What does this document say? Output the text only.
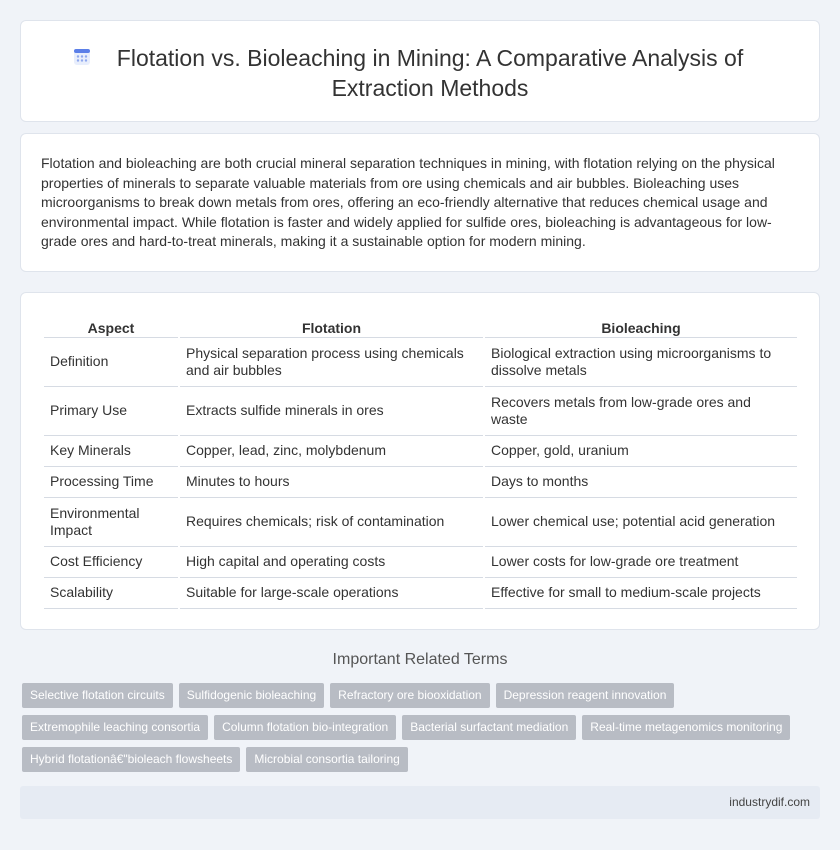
Flotation vs. Bioleaching in Mining: A Comparative Analysis of Extraction Methods

Flotation and bioleaching are both crucial mineral separation techniques in mining, with flotation relying on the physical properties of minerals to separate valuable materials from ore using chemicals and air bubbles. Bioleaching uses microorganisms to break down metals from ores, offering an eco-friendly alternative that reduces chemical usage and environmental impact. While flotation is faster and widely applied for sulfide ores, bioleaching is advantageous for low-grade ores and hard-to-treat minerals, making it a sustainable option for modern mining.

Aspect	Flotation	Bioleaching
Definition	Physical separation process using chemicals and air bubbles	Biological extraction using microorganisms to dissolve metals
Primary Use	Extracts sulfide minerals in ores	Recovers metals from low-grade ores and waste
Key Minerals	Copper, lead, zinc, molybdenum	Copper, gold, uranium
Processing Time	Minutes to hours	Days to months
Environmental Impact	Requires chemicals; risk of contamination	Lower chemical use; potential acid generation
Cost Efficiency	High capital and operating costs	Lower costs for low-grade ore treatment
Scalability	Suitable for large-scale operations	Effective for small to medium-scale projects
Important Related Terms
Selective flotation circuits	Sulfidogenic bioleaching	Refractory ore biooxidation	Depression reagent innovation
Extremophile leaching consortia	Column flotation bio-integration	Bacterial surfactant mediation	Real-time metagenomics monitoring
Hybrid flotationâ€"bioleach flowsheets	Microbial consortia tailoring
industrydif.com
